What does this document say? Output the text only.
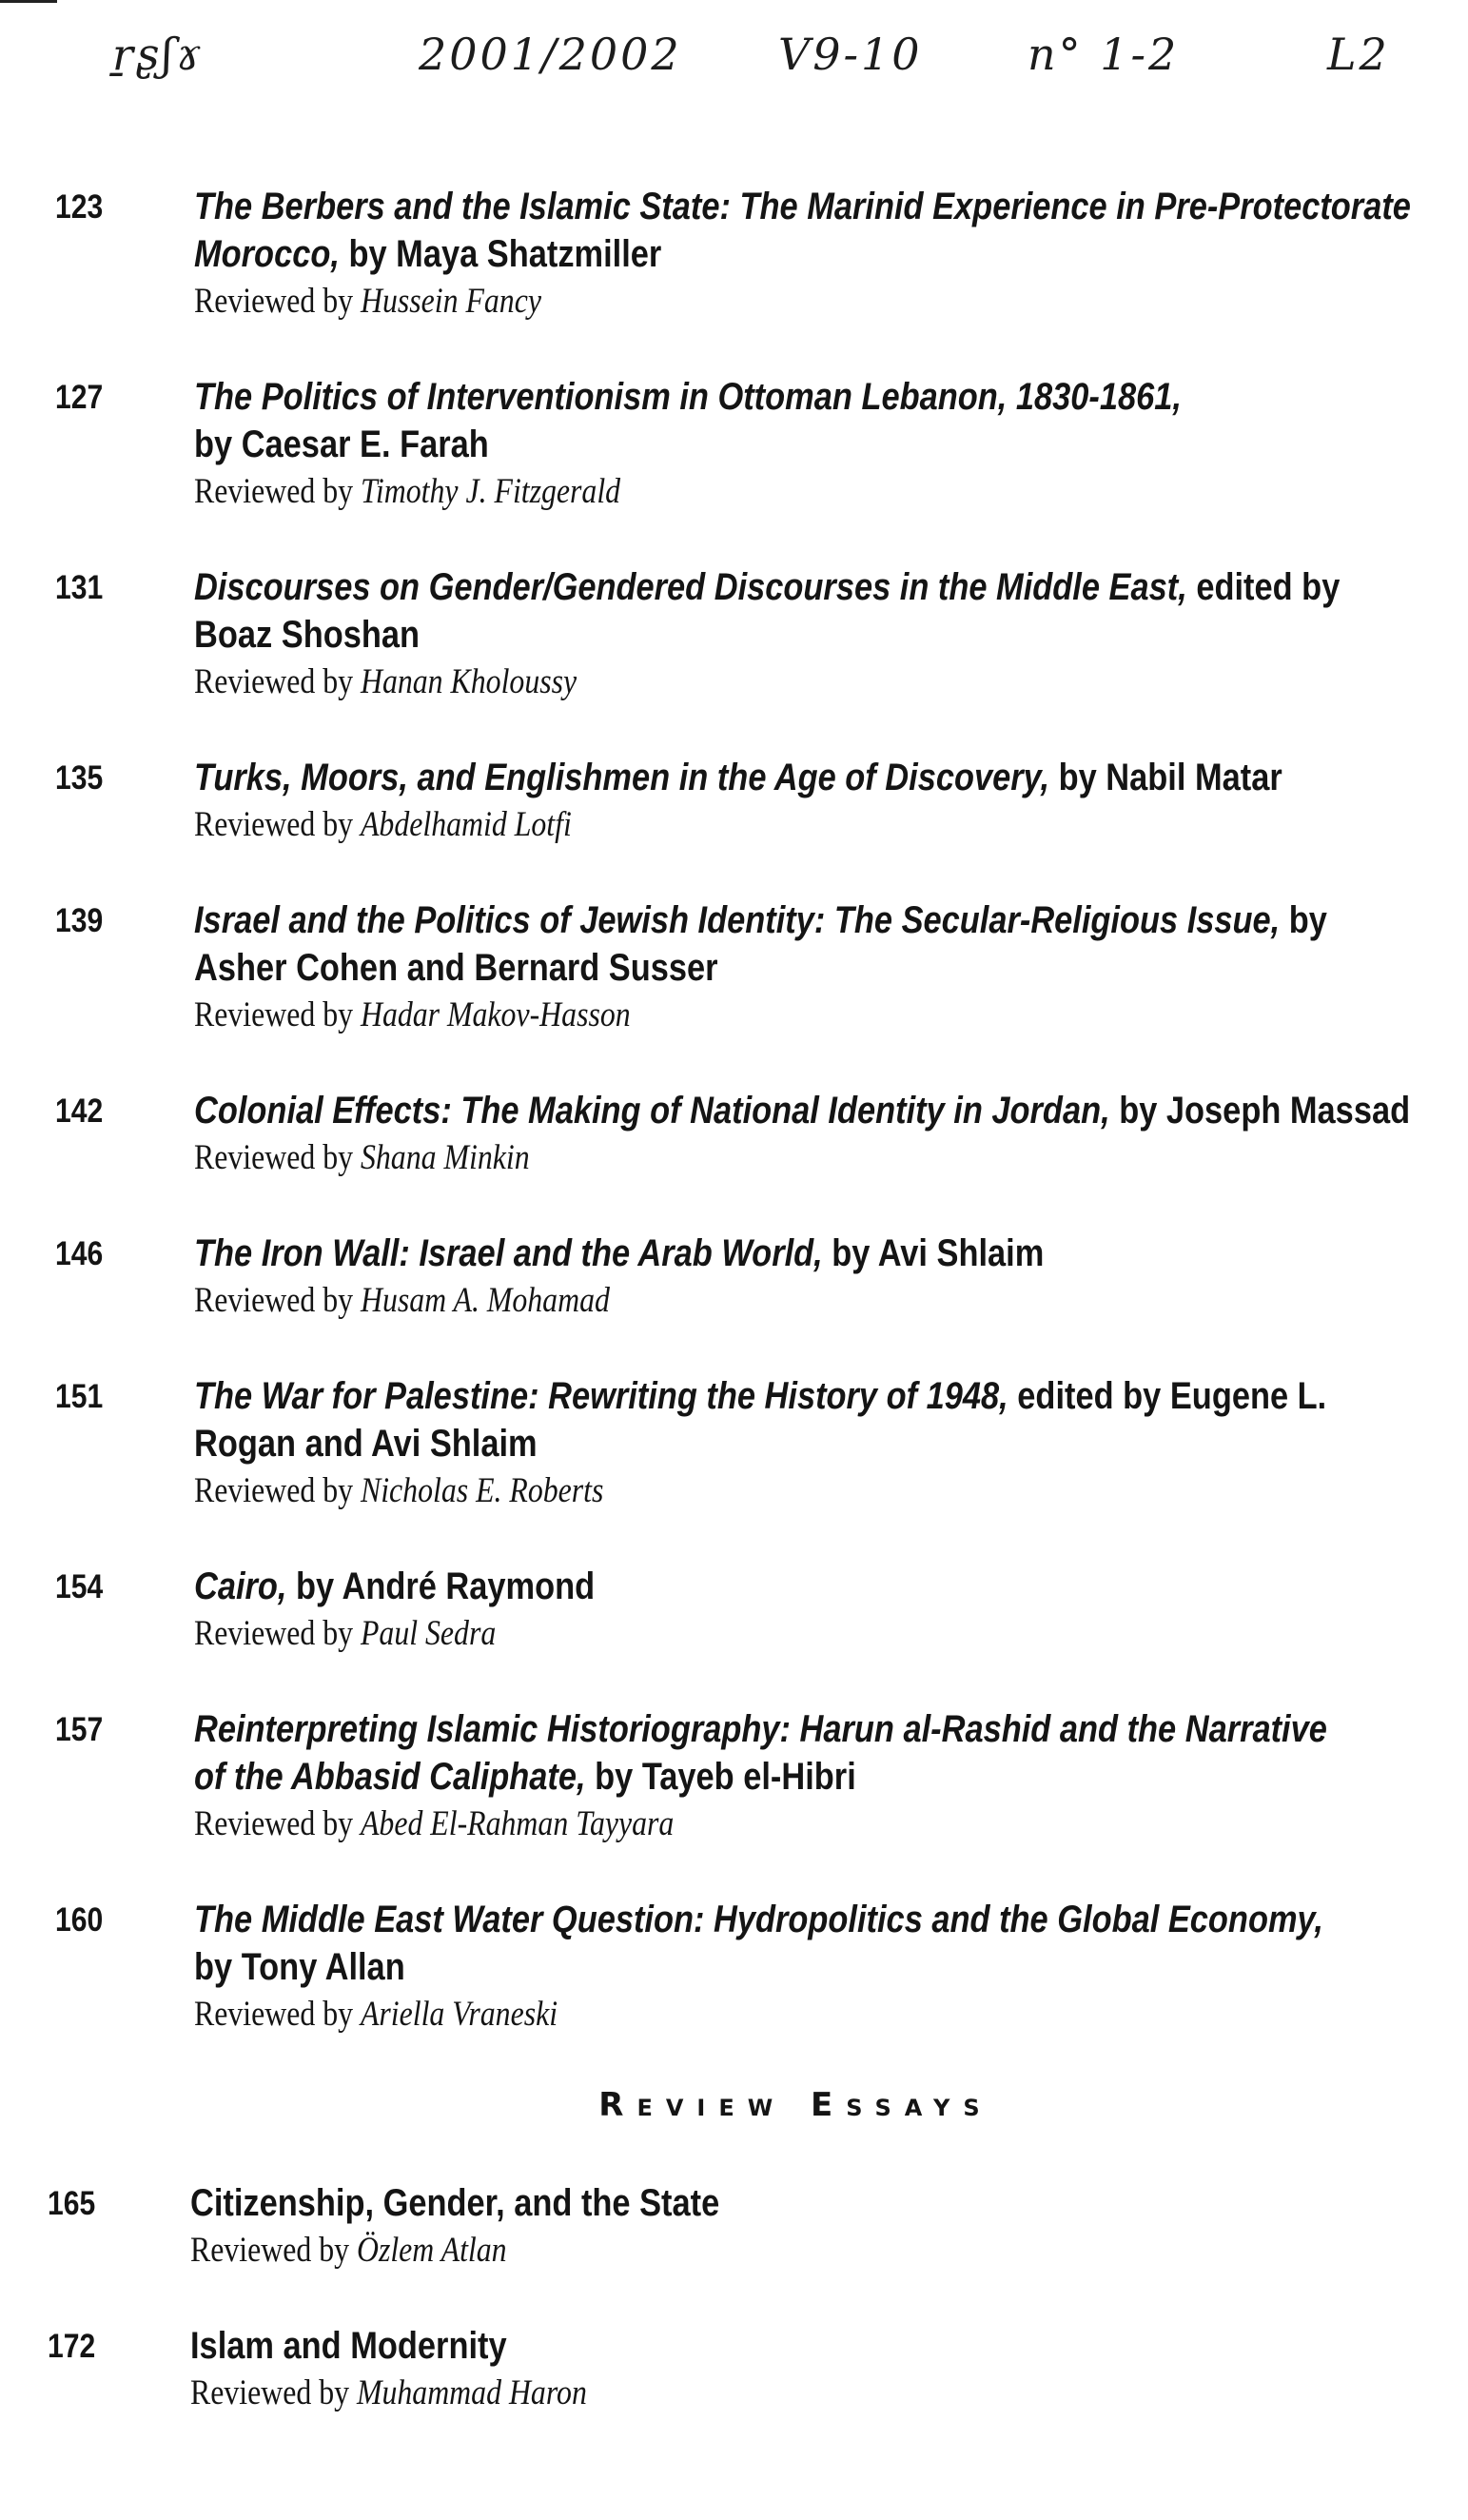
ṟʂʃɤ	2001/2002 V9-10 n° 1-2	L2
123 The Berbers and the Islamic State: The Marinid Experience in Pre-Protectorate
Morocco, by Maya Shatzmiller
Reviewed by Hussein Fancy
127 The Politics of Interventionism in Ottoman Lebanon, 1830-1861,
by Caesar E. Farah
Reviewed by Timothy J. Fitzgerald
131 Discourses on Gender/Gendered Discourses in the Middle East, edited by
Boaz Shoshan
Reviewed by Hanan Kholoussy
135 Turks, Moors, and Englishmen in the Age of Discovery, by Nabil Matar
Reviewed by Abdelhamid Lotfi
139 Israel and the Politics of Jewish Identity: The Secular-Religious Issue, by
Asher Cohen and Bernard Susser
Reviewed by Hadar Makov-Hasson
142 Colonial Effects: The Making of National Identity in Jordan, by Joseph Massad
Reviewed by Shana Minkin
146 The Iron Wall: Israel and the Arab World, by Avi Shlaim
Reviewed by Husam A. Mohamad
151 The War for Palestine: Rewriting the History of 1948, edited by Eugene L.
Rogan and Avi Shlaim
Reviewed by Nicholas E. Roberts
154 Cairo, by André Raymond
Reviewed by Paul Sedra
157 Reinterpreting Islamic Historiography: Harun al-Rashid and the Narrative
of the Abbasid Caliphate, by Tayeb el-Hibri
Reviewed by Abed El-Rahman Tayyara
160 The Middle East Water Question: Hydropolitics and the Global Economy,
by Tony Allan
Reviewed by Ariella Vraneski
Review Essays
165 Citizenship, Gender, and the State
Reviewed by Özlem Atlan
172 Islam and Modernity
Reviewed by Muhammad Haron
